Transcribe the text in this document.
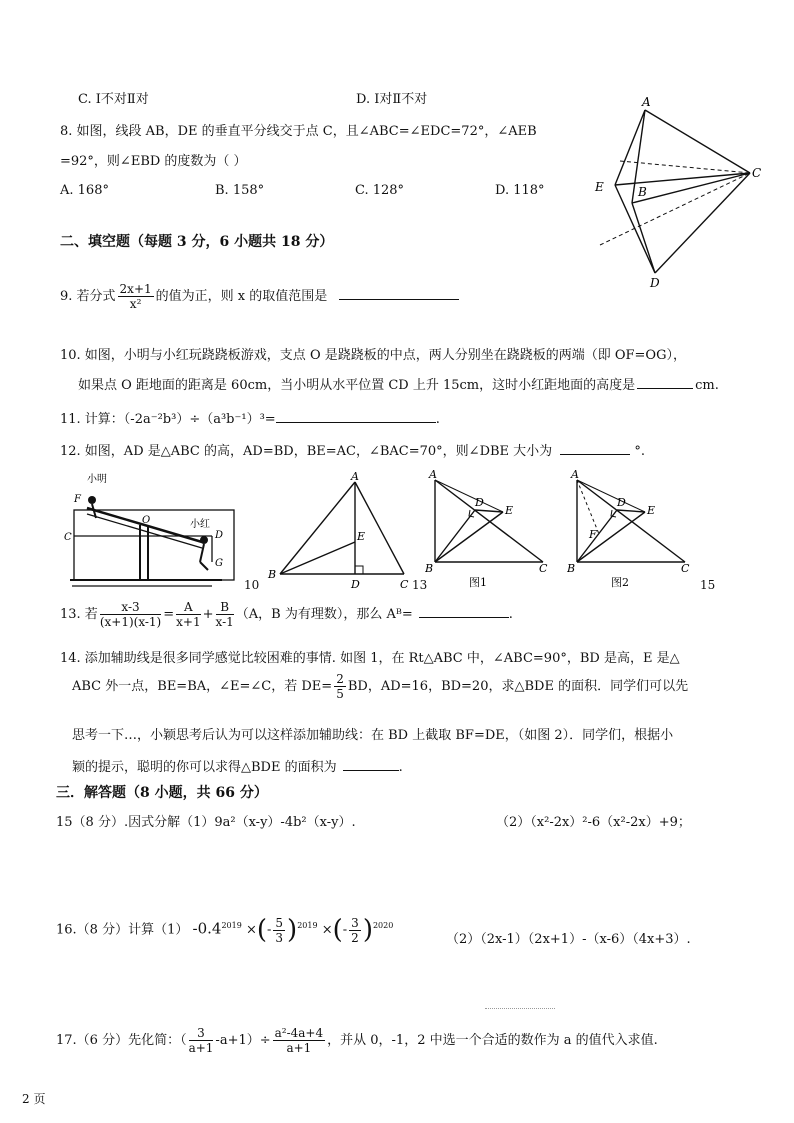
C. Ⅰ不对Ⅱ对	D. Ⅰ对Ⅱ不对
8. 如图，线段 AB，DE 的垂直平分线交于点 C，且∠ABC=∠EDC=72°，∠AEB
=92°，则∠EBD 的度数为（ ）
A. 168°	B. 158°	C. 128°	D. 118°
A
C
E	B
D
二、填空题（每题 3 分，6 小题共 18 分）
9. 若分式 $\frac{2x+1}{\text{x²}}$ 的值为正，则 x 的取值范围是
10. 如图，小明与小红玩跷跷板游戏，支点 O 是跷跷板的中点，两人分别坐在跷跷板的两端（即 OF=OG），
如果点 O 距地面的距离是 60cm，当小明从水平位置 CD 上升 15cm，这时小红距地面的高度是	cm.
11. 计算：（-2a⁻²b³）÷（a³b⁻¹）³=	.
12. 如图，AD 是△ABC 的高，AD=BD，BE=AC，∠BAC=70°，则∠DBE 大小为	°.
小明
F
O	小红
C	D
G
10
A
E
B
D	C 13
A
D
E
B	C
图1
A
D
E
F
B	C
图2	15
13. 若 $\frac{x-3}{(x+1)(x-1)} = \frac{A}{x+1} + \frac{B}{x-1} (A$，B 为有理数），那么 Aᴮ=	.
14. 添加辅助线是很多同学感觉比较困难的事情. 如图 1，在 Rt△ABC 中，∠ABC=90°，BD 是高，E 是△
ABC 外一点，BE=BA，∠E=∠C，若 $DE= \frac{2}{5}$ BD，AD=16，BD=20，求△BDE 的面积．同学们可以先
思考一下…，小颖思考后认为可以这样添加辅助线：在 BD 上截取 BF=DE，（如图 2）．同学们，根据小
颖的提示，聪明的你可以求得△BDE 的面积为	.
三．解答题（8 小题，共 66 分）
15（8 分）.因式分解（1）9a²（x-y）-4b²（x-y）.	（2）（x²-2x）²-6（x²-2x）+9；
16.（8 分）计算（1） $-0.4^{2019}$ ×(- $\frac{5}{3} )^{2019}$ ×(- $\frac{3}{2} )^{2020}$
（2）（2x-1）（2x+1）-（x-6）（4x+3）.
17.（6 分）先化简：（ $\frac{3}{a+1} -a+1)\div \frac{\text{a²-4a+4}}{a+1}$ ，并从 0，-1，2 中选一个合适的数作为 a 的值代入求值.
2 页
